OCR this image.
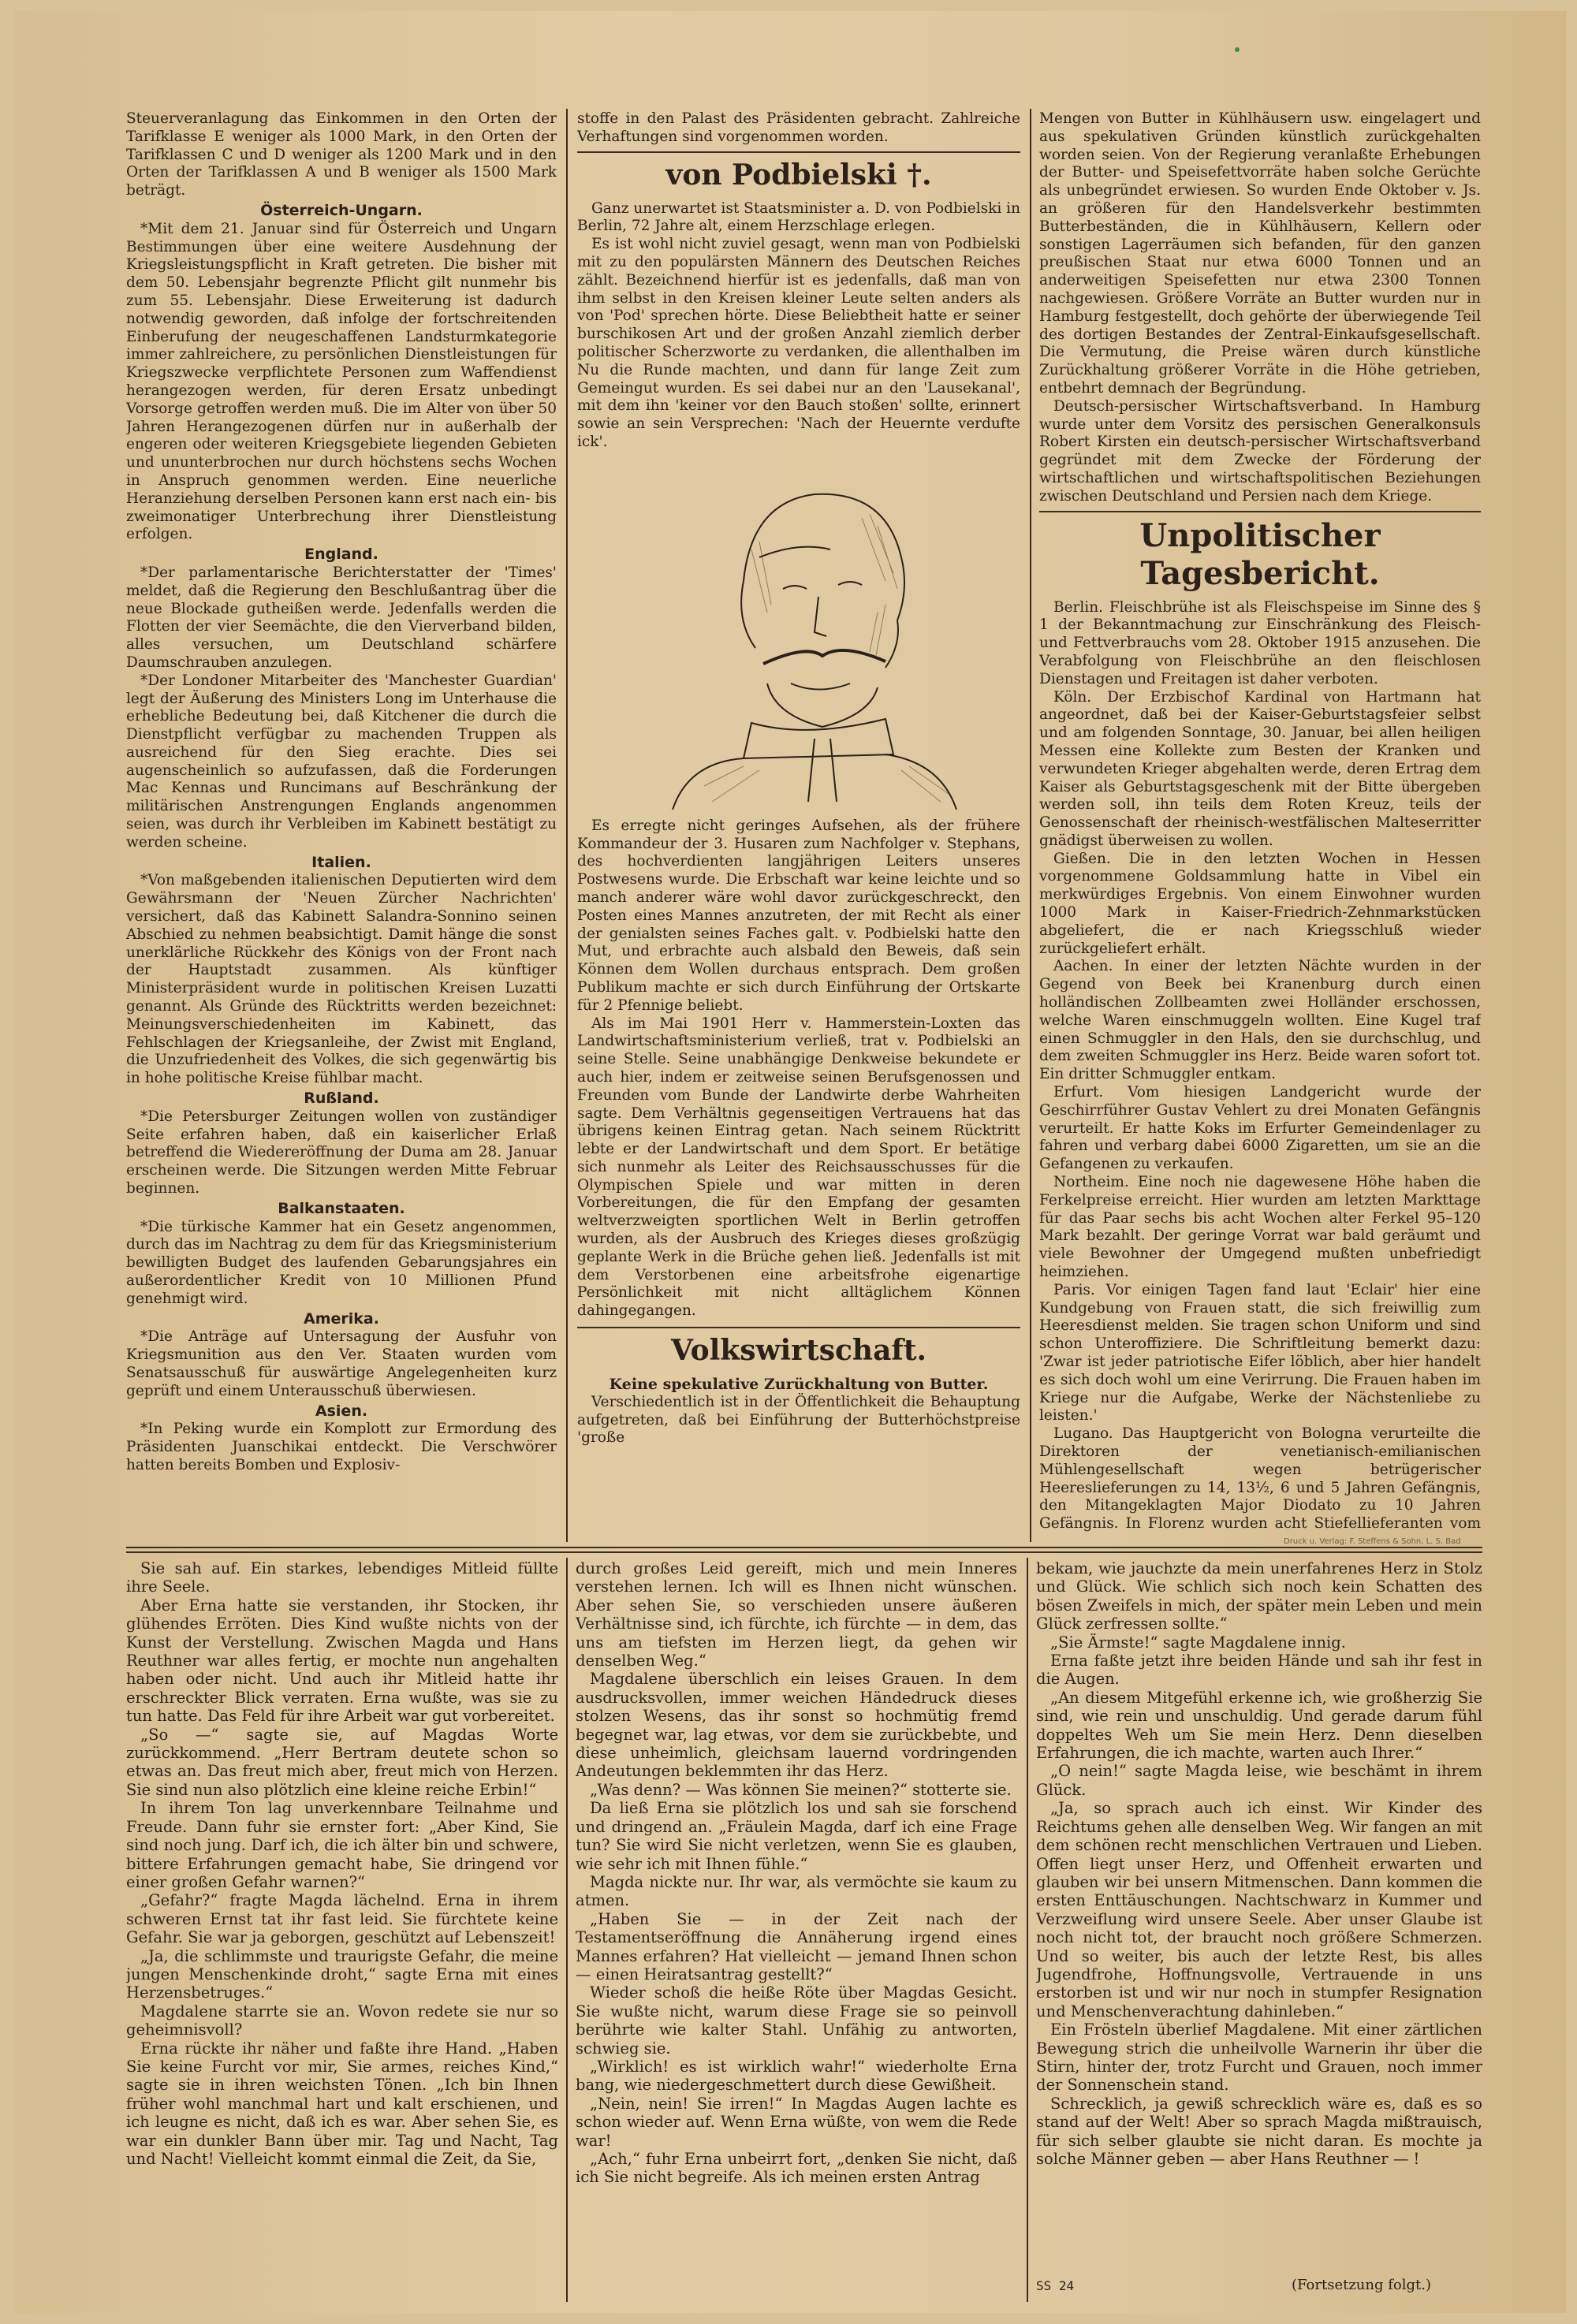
Steuerveranlagung das Einkommen in den Orten der Tarifklasse E weniger als 1000 Mark, in den Orten der Tarifklassen C und D weniger als 1200 Mark und in den Orten der Tarifklassen A und B weniger als 1500 Mark beträgt.

Österreich-Ungarn.

*Mit dem 21. Januar sind für Österreich und Ungarn Bestimmungen über eine weitere Ausdehnung der Kriegsleistungspflicht in Kraft getreten. Die bisher mit dem 50. Lebensjahr begrenzte Pflicht gilt nunmehr bis zum 55. Lebensjahr. Diese Erweiterung ist dadurch notwendig geworden, daß infolge der fortschreitenden Einberufung der neugeschaffenen Landsturmkategorie immer zahlreichere, zu persönlichen Dienstleistungen für Kriegszwecke verpflichtete Personen zum Waffendienst herangezogen werden, für deren Ersatz unbedingt Vorsorge getroffen werden muß. Die im Alter von über 50 Jahren Herangezogenen dürfen nur in außerhalb der engeren oder weiteren Kriegsgebiete liegenden Gebieten und ununterbrochen nur durch höchstens sechs Wochen in Anspruch genommen werden. Eine neuerliche Heranziehung derselben Personen kann erst nach ein- bis zweimonatiger Unterbrechung ihrer Dienstleistung erfolgen.

England.

*Der parlamentarische Berichterstatter der 'Times' meldet, daß die Regierung den Beschlußantrag über die neue Blockade gutheißen werde. Jedenfalls werden die Flotten der vier Seemächte, die den Vierverband bilden, alles versuchen, um Deutschland schärfere Daumschrauben anzulegen.

*Der Londoner Mitarbeiter des 'Manchester Guardian' legt der Äußerung des Ministers Long im Unterhause die erhebliche Bedeutung bei, daß Kitchener die durch die Dienstpflicht verfügbar zu machenden Truppen als ausreichend für den Sieg erachte. Dies sei augenscheinlich so aufzufassen, daß die Forderungen Mac Kennas und Runcimans auf Beschränkung der militärischen Anstrengungen Englands angenommen seien, was durch ihr Verbleiben im Kabinett bestätigt zu werden scheine.

Italien.

*Von maßgebenden italienischen Deputierten wird dem Gewährsmann der 'Neuen Zürcher Nachrichten' versichert, daß das Kabinett Salandra-Sonnino seinen Abschied zu nehmen beabsichtigt. Damit hänge die sonst unerklärliche Rückkehr des Königs von der Front nach der Hauptstadt zusammen. Als künftiger Ministerpräsident wurde in politischen Kreisen Luzatti genannt. Als Gründe des Rücktritts werden bezeichnet: Meinungsverschiedenheiten im Kabinett, das Fehlschlagen der Kriegsanleihe, der Zwist mit England, die Unzufriedenheit des Volkes, die sich gegenwärtig bis in hohe politische Kreise fühlbar macht.

Rußland.

*Die Petersburger Zeitungen wollen von zuständiger Seite erfahren haben, daß ein kaiserlicher Erlaß betreffend die Wiedereröffnung der Duma am 28. Januar erscheinen werde. Die Sitzungen werden Mitte Februar beginnen.

Balkanstaaten.

*Die türkische Kammer hat ein Gesetz angenommen, durch das im Nachtrag zu dem für das Kriegsministerium bewilligten Budget des laufenden Gebarungsjahres ein außerordentlicher Kredit von 10 Millionen Pfund genehmigt wird.

Amerika.

*Die Anträge auf Untersagung der Ausfuhr von Kriegsmunition aus den Ver. Staaten wurden vom Senatsausschuß für auswärtige Angelegenheiten kurz geprüft und einem Unterausschuß überwiesen.

Asien.

*In Peking wurde ein Komplott zur Ermordung des Präsidenten Juanschikai entdeckt. Die Verschwörer hatten bereits Bomben und Explosiv-

stoffe in den Palast des Präsidenten gebracht. Zahlreiche Verhaftungen sind vorgenommen worden.

von Podbielski †.

Ganz unerwartet ist Staatsminister a. D. von Podbielski in Berlin, 72 Jahre alt, einem Herzschlage erlegen.

Es ist wohl nicht zuviel gesagt, wenn man von Podbielski mit zu den populärsten Männern des Deutschen Reiches zählt. Bezeichnend hierfür ist es jedenfalls, daß man von ihm selbst in den Kreisen kleiner Leute selten anders als von 'Pod' sprechen hörte. Diese Beliebtheit hatte er seiner burschikosen Art und der großen Anzahl ziemlich derber politischer Scherzworte zu verdanken, die allenthalben im Nu die Runde machten, und dann für lange Zeit zum Gemeingut wurden. Es sei dabei nur an den 'Lausekanal', mit dem ihn 'keiner vor den Bauch stoßen' sollte, erinnert sowie an sein Versprechen: 'Nach der Heuernte verduftе ick'.

Es erregte nicht geringes Aufsehen, als der frühere Kommandeur der 3. Husaren zum Nachfolger v. Stephans, des hochverdienten langjährigen Leiters unseres Postwesens wurde. Die Erbschaft war keine leichte und so manch anderer wäre wohl davor zurückgeschreckt, den Posten eines Mannes anzutreten, der mit Recht als einer der genialsten seines Faches galt. v. Podbielski hatte den Mut, und erbrachte auch alsbald den Beweis, daß sein Können dem Wollen durchaus entsprach. Dem großen Publikum machte er sich durch Einführung der Ortskarte für 2 Pfennige beliebt.

Als im Mai 1901 Herr v. Hammerstein-Loxten das Landwirtschaftsministerium verließ, trat v. Podbielski an seine Stelle. Seine unabhängige Denkweise bekundete er auch hier, indem er zeitweise seinen Berufsgenossen und Freunden vom Bunde der Landwirte derbe Wahrheiten sagte. Dem Verhältnis gegenseitigen Vertrauens hat das übrigens keinen Eintrag getan. Nach seinem Rücktritt lebte er der Landwirtschaft und dem Sport. Er betätige sich nunmehr als Leiter des Reichsausschusses für die Olympischen Spiele und war mitten in deren Vorbereitungen, die für den Empfang der gesamten weltverzweigten sportlichen Welt in Berlin getroffen wurden, als der Ausbruch des Krieges dieses großzügig geplante Werk in die Brüche gehen ließ. Jedenfalls ist mit dem Verstorbenen eine arbeitsfrohe eigenartige Persönlichkeit mit nicht alltäglichem Können dahingegangen.

Volkswirtschaft.
Keine spekulative Zurückhaltung von Butter.

Verschiedentlich ist in der Öffentlichkeit die Behauptung aufgetreten, daß bei Einführung der Butterhöchstpreise 'große

Mengen von Butter in Kühlhäusern usw. eingelagert und aus spekulativen Gründen künstlich zurückgehalten worden seien. Von der Regierung veranlaßte Erhebungen der Butter- und Speisefettvorräte haben solche Gerüchte als unbegründet erwiesen. So wurden Ende Oktober v. Js. an größeren für den Handelsverkehr bestimmten Butterbeständen, die in Kühlhäusern, Kellern oder sonstigen Lagerräumen sich befanden, für den ganzen preußischen Staat nur etwa 6000 Tonnen und an anderweitigen Speisefetten nur etwa 2300 Tonnen nachgewiesen. Größere Vorräte an Butter wurden nur in Hamburg festgestellt, doch gehörte der überwiegende Teil des dortigen Bestandes der Zentral-Einkaufsgesellschaft. Die Vermutung, die Preise wären durch künstliche Zurückhaltung größerer Vorräte in die Höhe getrieben, entbehrt demnach der Begründung.

Deutsch-persischer Wirtschaftsverband. In Hamburg wurde unter dem Vorsitz des persischen Generalkonsuls Robert Kirsten ein deutsch-persischer Wirtschaftsverband gegründet mit dem Zwecke der Förderung der wirtschaftlichen und wirtschaftspolitischen Beziehungen zwischen Deutschland und Persien nach dem Kriege.

Unpolitischer Tagesbericht.

Berlin. Fleischbrühe ist als Fleischspeise im Sinne des § 1 der Bekanntmachung zur Einschränkung des Fleisch- und Fettverbrauchs vom 28. Oktober 1915 anzusehen. Die Verabfolgung von Fleischbrühe an den fleischlosen Dienstagen und Freitagen ist daher verboten.

Köln. Der Erzbischof Kardinal von Hartmann hat angeordnet, daß bei der Kaiser-Geburtstagsfeier selbst und am folgenden Sonntage, 30. Januar, bei allen heiligen Messen eine Kollekte zum Besten der Kranken und verwundeten Krieger abgehalten werde, deren Ertrag dem Kaiser als Geburtstagsgeschenk mit der Bitte übergeben werden soll, ihn teils dem Roten Kreuz, teils der Genossenschaft der rheinisch-westfälischen Malteserritter gnädigst überweisen zu wollen.

Gießen. Die in den letzten Wochen in Hessen vorgenommene Goldsammlung hatte in Vibel ein merkwürdiges Ergebnis. Von einem Einwohner wurden 1000 Mark in Kaiser-Friedrich-Zehnmarkstücken abgeliefert, die er nach Kriegsschluß wieder zurückgeliefert erhält.

Aachen. In einer der letzten Nächte wurden in der Gegend von Beek bei Kranenburg durch einen holländischen Zollbeamten zwei Holländer erschossen, welche Waren einschmuggeln wollten. Eine Kugel traf einen Schmuggler in den Hals, den sie durchschlug, und dem zweiten Schmuggler ins Herz. Beide waren sofort tot. Ein dritter Schmuggler entkam.

Erfurt. Vom hiesigen Landgericht wurde der Geschirrführer Gustav Vehlert zu drei Monaten Gefängnis verurteilt. Er hatte Koks im Erfurter Gemeindenlager zu fahren und verbarg dabei 6000 Zigaretten, um sie an die Gefangenen zu verkaufen.

Northeim. Eine noch nie dagewesene Höhe haben die Ferkelpreise erreicht. Hier wurden am letzten Markttage für das Paar sechs bis acht Wochen alter Ferkel 95–120 Mark bezahlt. Der geringe Vorrat war bald geräumt und viele Bewohner der Umgegend mußten unbefriedigt heimziehen.

Paris. Vor einigen Tagen fand laut 'Eclair' hier eine Kundgebung von Frauen statt, die sich freiwillig zum Heeresdienst melden. Sie tragen schon Uniform und sind schon Unteroffiziere. Die Schriftleitung bemerkt dazu: 'Zwar ist jeder patriotische Eifer löblich, aber hier handelt es sich doch wohl um eine Verirrung. Die Frauen haben im Kriege nur die Aufgabe, Werke der Nächstenliebe zu leisten.'

Lugano. Das Hauptgericht von Bologna verurteilte die Direktoren der venetianisch-emilianischen Mühlengesellschaft wegen betrügerischer Heereslieferungen zu 14, 13½, 6 und 5 Jahren Gefängnis, den Mitangeklagten Major Diodato zu 10 Jahren Gefängnis. In Florenz wurden acht Stiefellieferanten vom

Druck u. Verlag: F. Steffens & Sohn, L. S. Bad

Sie sah auf. Ein starkes, lebendiges Mitleid füllte ihre Seele.

Aber Erna hatte sie verstanden, ihr Stocken, ihr glühendes Erröten. Dies Kind wußte nichts von der Kunst der Verstellung. Zwischen Magda und Hans Reuthner war alles fertig, er mochte nun angehalten haben oder nicht. Und auch ihr Mitleid hatte ihr erschreckter Blick verraten. Erna wußte, was sie zu tun hatte. Das Feld für ihre Arbeit war gut vorbereitet.

„So —“ sagte sie, auf Magdas Worte zurückkommend. „Herr Bertram deutete schon so etwas an. Das freut mich aber, freut mich von Herzen. Sie sind nun also plötzlich eine kleine reiche Erbin!“

In ihrem Ton lag unverkennbare Teilnahme und Freude. Dann fuhr sie ernster fort: „Aber Kind, Sie sind noch jung. Darf ich, die ich älter bin und schwere, bittere Erfahrungen gemacht habe, Sie dringend vor einer großen Gefahr warnen?“

„Gefahr?“ fragte Magda lächelnd. Erna in ihrem schweren Ernst tat ihr fast leid. Sie fürchtete keine Gefahr. Sie war ja geborgen, geschützt auf Lebenszeit!

„Ja, die schlimmste und traurigste Gefahr, die meine jungen Menschenkinde droht,“ sagte Erna mit eines Herzensbetruges.“

Magdalene starrte sie an. Wovon redete sie nur so geheimnisvoll?

Erna rückte ihr näher und faßte ihre Hand. „Haben Sie keine Furcht vor mir, Sie armes, reiches Kind,“ sagte sie in ihren weichsten Tönen. „Ich bin Ihnen früher wohl manchmal hart und kalt erschienen, und ich leugne es nicht, daß ich es war. Aber sehen Sie, es war ein dunkler Bann über mir. Tag und Nacht, Tag und Nacht! Vielleicht kommt einmal die Zeit, da Sie,

durch großes Leid gereift, mich und mein Inneres verstehen lernen. Ich will es Ihnen nicht wünschen. Aber sehen Sie, so verschieden unsere äußeren Verhältnisse sind, ich fürchte, ich fürchte — in dem, das uns am tiefsten im Herzen liegt, da gehen wir denselben Weg.“

Magdalene überschlich ein leises Grauen. In dem ausdrucksvollen, immer weichen Händedruck dieses stolzen Wesens, das ihr sonst so hochmütig fremd begegnet war, lag etwas, vor dem sie zurückbebte, und diese unheimlich, gleichsam lauernd vordringenden Andeutungen beklemmten ihr das Herz.

„Was denn? — Was können Sie meinen?“ stotterte sie.

Da ließ Erna sie plötzlich los und sah sie forschend und dringend an. „Fräulein Magda, darf ich eine Frage tun? Sie wird Sie nicht verletzen, wenn Sie es glauben, wie sehr ich mit Ihnen fühle.“

Magda nickte nur. Ihr war, als vermöchte sie kaum zu atmen.

„Haben Sie — in der Zeit nach der Testamentseröffnung die Annäherung irgend eines Mannes erfahren? Hat vielleicht — jemand Ihnen schon — einen Heiratsantrag gestellt?“

Wieder schoß die heiße Röte über Magdas Gesicht. Sie wußte nicht, warum diese Frage sie so peinvoll berührte wie kalter Stahl. Unfähig zu antworten, schwieg sie.

„Wirklich! es ist wirklich wahr!“ wiederholte Erna bang, wie niedergeschmettert durch diese Gewißheit.

„Nein, nein! Sie irren!“ In Magdas Augen lachte es schon wieder auf. Wenn Erna wüßte, von wem die Rede war!

„Ach,“ fuhr Erna unbeirrt fort, „denken Sie nicht, daß ich Sie nicht begreife. Als ich meinen ersten Antrag

bekam, wie jauchzte da mein unerfahrenes Herz in Stolz und Glück. Wie schlich sich noch kein Schatten des bösen Zweifels in mich, der später mein Leben und mein Glück zerfressen sollte.“

„Sie Ärmste!“ sagte Magdalene innig.

Erna faßte jetzt ihre beiden Hände und sah ihr fest in die Augen.

„An diesem Mitgefühl erkenne ich, wie großherzig Sie sind, wie rein und unschuldig. Und gerade darum fühl doppeltes Weh um Sie mein Herz. Denn dieselben Erfahrungen, die ich machte, warten auch Ihrer.“

„O nein!“ sagte Magda leise, wie beschämt in ihrem Glück.

„Ja, so sprach auch ich einst. Wir Kinder des Reichtums gehen alle denselben Weg. Wir fangen an mit dem schönen recht menschlichen Vertrauen und Lieben. Offen liegt unser Herz, und Offenheit erwarten und glauben wir bei unsern Mitmenschen. Dann kommen die ersten Enttäuschungen. Nachtschwarz in Kummer und Verzweiflung wird unsere Seele. Aber unser Glaube ist noch nicht tot, der braucht noch größere Schmerzen. Und so weiter, bis auch der letzte Rest, bis alles Jugendfrohe, Hoffnungsvolle, Vertrauende in uns erstorben ist und wir nur noch in stumpfer Resignation und Menschenverachtung dahinleben.“

Ein Frösteln überlief Magdalene. Mit einer zärtlichen Bewegung strich die unheilvolle Warnerin ihr über die Stirn, hinter der, trotz Furcht und Grauen, noch immer der Sonnenschein stand.

Schrecklich, ja gewiß schrecklich wäre es, daß es so stand auf der Welt! Aber so sprach Magda mißtrauisch, für sich selber glaubte sie nicht daran. Es mochte ja solche Männer geben — aber Hans Reuthner — !

SS 24	(Fortsetzung folgt.)
